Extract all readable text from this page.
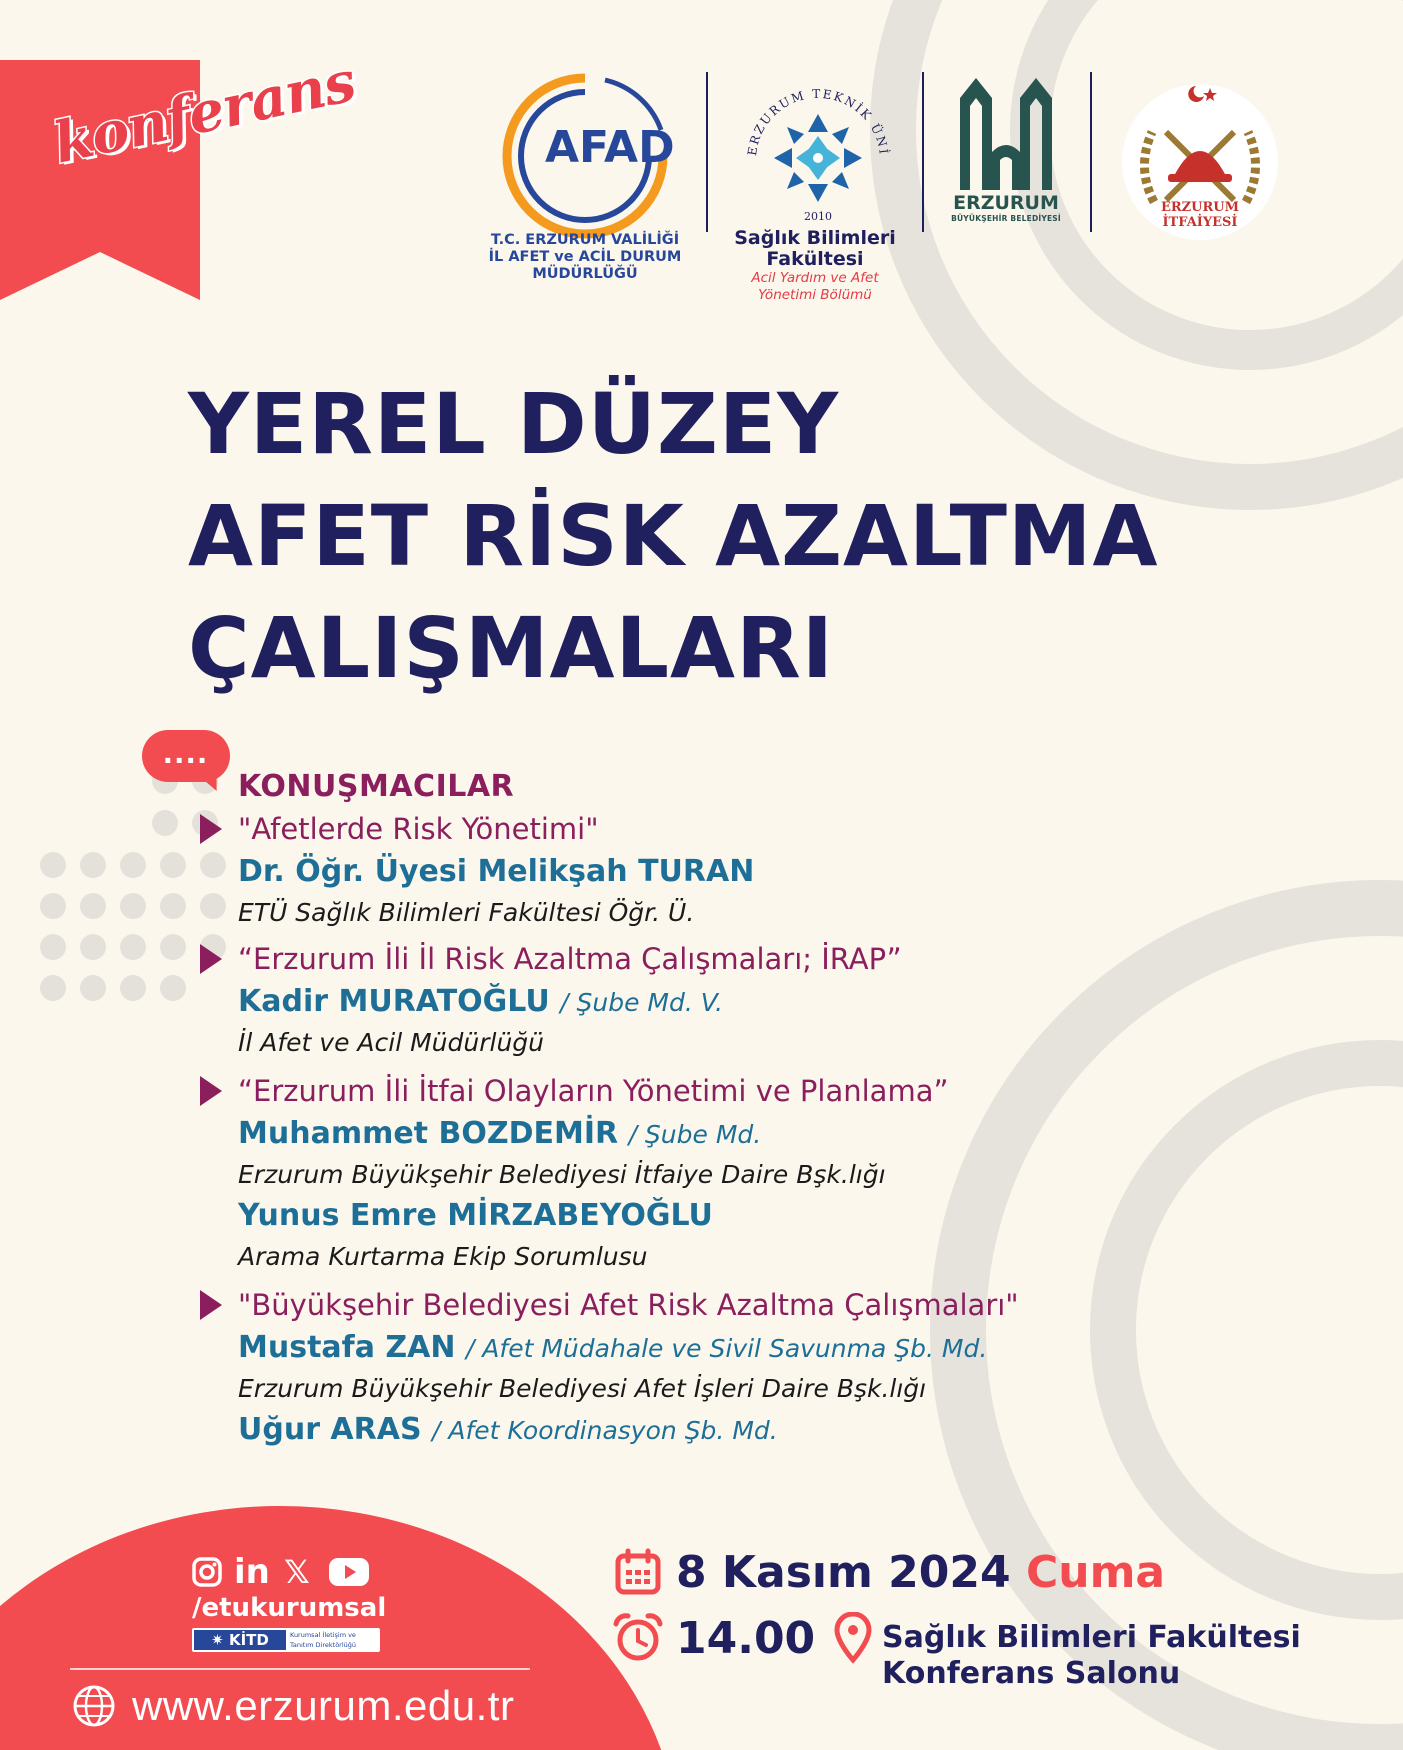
konferans	AFAD
T.C. ERZURUM VALİLİĞİ
İL AFET ve ACİL DURUM
MÜDÜRLÜĞÜ
ERZURUM TEKNİK ÜNİ
2010
Sağlık Bilimleri
Fakültesi
Acil Yardım ve Afet
Yönetimi Bölümü
ERZURUM
BÜYÜKŞEHİR BELEDİYESİ
ERZURUM
İTFAİYESİ
YEREL DÜZEY
AFET RİSK AZALTMA
ÇALIŞMALARI
....
KONUŞMACILAR
"Afetlerde Risk Yönetimi"
Dr. Öğr. Üyesi Melikşah TURAN
ETÜ Sağlık Bilimleri Fakültesi Öğr. Ü.
“Erzurum İli İl Risk Azaltma Çalışmaları; İRAP”
Kadir MURATOĞLU / Şube Md. V.
İl Afet ve Acil Müdürlüğü
“Erzurum İli İtfai Olayların Yönetimi ve Planlama”
Muhammet BOZDEMİR / Şube Md.
Erzurum Büyükşehir Belediyesi İtfaiye Daire Bşk.lığı
Yunus Emre MİRZABEYOĞLU
Arama Kurtarma Ekip Sorumlusu
"Büyükşehir Belediyesi Afet Risk Azaltma Çalışmaları"
Mustafa ZAN / Afet Müdahale ve Sivil Savunma Şb. Md.
Erzurum Büyükşehir Belediyesi Afet İşleri Daire Bşk.lığı
Uğur ARAS / Afet Koordinasyon Şb. Md.
in 𝕏
/etukurumsal
✷ KİTD	Kurumsal İletişim ve
Tanıtım Direktörlüğü
www.erzurum.edu.tr
8 Kasım 2024 Cuma
14.00 Sağlık Bilimleri Fakültesi
Konferans Salonu
